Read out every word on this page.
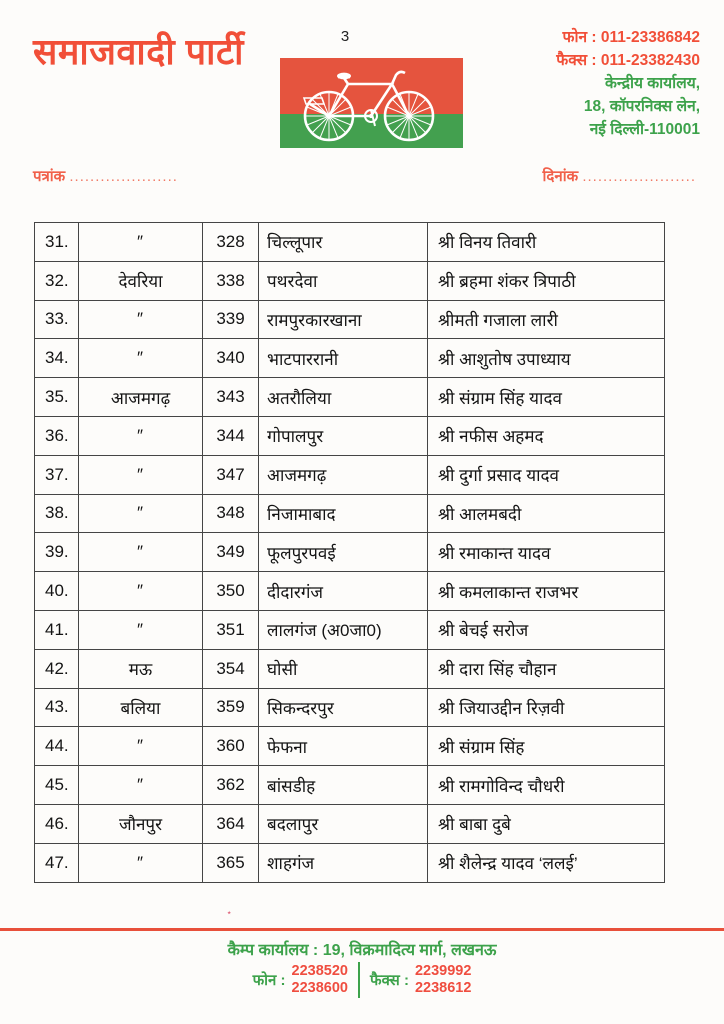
समाजवादी पार्टी	3	फोन : 011-23386842
फैक्स : 011-23382430
केन्द्रीय कार्यालय,
18, कॉपरनिक्स लेन,
नई दिल्ली-110001
पत्रांक .....................	दिनांक ......................
31.	″	328	चिल्लूपार	श्री विनय तिवारी
32.	देवरिया	338	पथरदेवा	श्री ब्रहमा शंकर त्रिपाठी
33.	″	339	रामपुरकारखाना	श्रीमती गजाला लारी
34.	″	340	भाटपाररानी	श्री आशुतोष उपाध्याय
35.	आजमगढ़	343	अतरौलिया	श्री संग्राम सिंह यादव
36.	″	344	गोपालपुर	श्री नफीस अहमद
37.	″	347	आजमगढ़	श्री दुर्गा प्रसाद यादव
38.	″	348	निजामाबाद	श्री आलमबदी
39.	″	349	फूलपुरपवई	श्री रमाकान्त यादव
40.	″	350	दीदारगंज	श्री कमलाकान्त राजभर
41.	″	351	लालगंज (अ0जा0)	श्री बेचई सरोज
42.	मऊ	354	घोसी	श्री दारा सिंह चौहान
43.	बलिया	359	सिकन्दरपुर	श्री जियाउद्दीन रिज़वी
44.	″	360	फेफना	श्री संग्राम सिंह
45.	″	362	बांसडीह	श्री रामगोविन्द चौधरी
46.	जौनपुर	364	बदलापुर	श्री बाबा दुबे
47.	″	365	शाहगंज	श्री शैलेन्द्र यादव ‘ललई’
٭
कैम्प कार्यालय : 19, विक्रमादित्य मार्ग, लखनऊ
फोन :
2238520
2238600 फैक्स :
2239992
2238612
